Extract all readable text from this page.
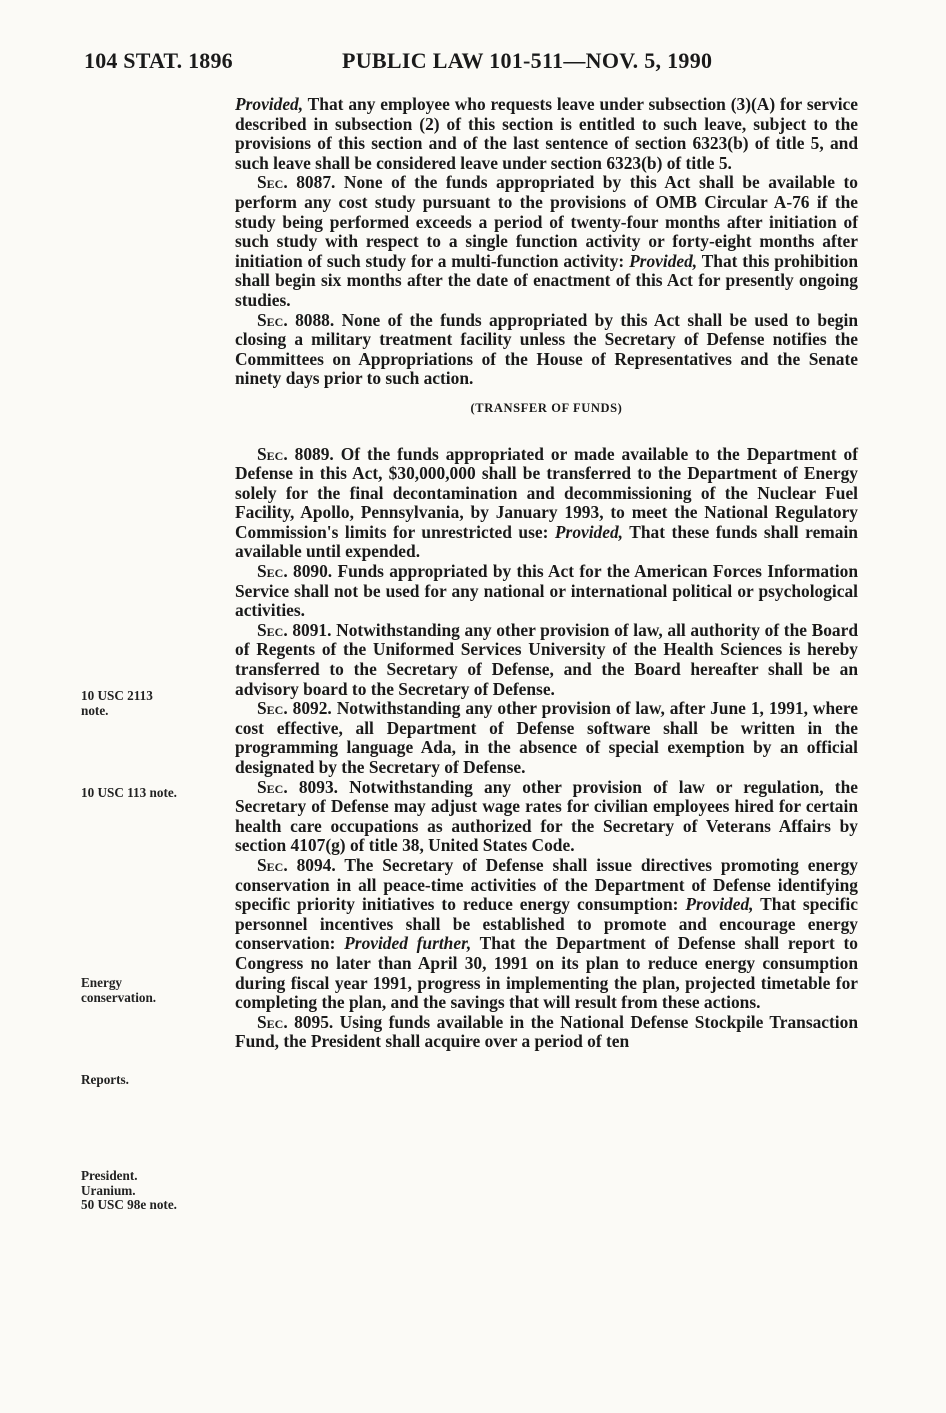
104 STAT. 1896	PUBLIC LAW 101-511—NOV. 5, 1990

Provided, That any employee who requests leave under subsection (3)(A) for service described in subsection (2) of this section is entitled to such leave, subject to the provisions of this section and of the last sentence of section 6323(b) of title 5, and such leave shall be considered leave under section 6323(b) of title 5.

Sec. 8087. None of the funds appropriated by this Act shall be available to perform any cost study pursuant to the provisions of OMB Circular A-76 if the study being performed exceeds a period of twenty-four months after initiation of such study with respect to a single function activity or forty-eight months after initiation of such study for a multi-function activity: Provided, That this prohibition shall begin six months after the date of enactment of this Act for presently ongoing studies.

Sec. 8088. None of the funds appropriated by this Act shall be used to begin closing a military treatment facility unless the Secretary of Defense notifies the Committees on Appropriations of the House of Representatives and the Senate ninety days prior to such action.

(TRANSFER OF FUNDS)

Sec. 8089. Of the funds appropriated or made available to the Department of Defense in this Act, $30,000,000 shall be transferred to the Department of Energy solely for the final decontamination and decommissioning of the Nuclear Fuel Facility, Apollo, Pennsylvania, by January 1993, to meet the National Regulatory Commission's limits for unrestricted use: Provided, That these funds shall remain available until expended.

Sec. 8090. Funds appropriated by this Act for the American Forces Information Service shall not be used for any national or international political or psychological activities.

Sec. 8091. Notwithstanding any other provision of law, all authority of the Board of Regents of the Uniformed Services University of the Health Sciences is hereby transferred to the Secretary of Defense, and the Board hereafter shall be an advisory board to the Secretary of Defense.

Sec. 8092. Notwithstanding any other provision of law, after June 1, 1991, where cost effective, all Department of Defense software shall be written in the programming language Ada, in the absence of special exemption by an official designated by the Secretary of Defense.

Sec. 8093. Notwithstanding any other provision of law or regulation, the Secretary of Defense may adjust wage rates for civilian employees hired for certain health care occupations as authorized for the Secretary of Veterans Affairs by section 4107(g) of title 38, United States Code.

Sec. 8094. The Secretary of Defense shall issue directives promoting energy conservation in all peace-time activities of the Department of Defense identifying specific priority initiatives to reduce energy consumption: Provided, That specific personnel incentives shall be established to promote and encourage energy conservation: Provided further, That the Department of Defense shall report to Congress no later than April 30, 1991 on its plan to reduce energy consumption during fiscal year 1991, progress in implementing the plan, projected timetable for completing the plan, and the savings that will result from these actions.

Sec. 8095. Using funds available in the National Defense Stockpile Transaction Fund, the President shall acquire over a period of ten

10 USC 2113
note.
10 USC 113 note.
Energy
conservation.
Reports.
President.
Uranium.
50 USC 98e note.
